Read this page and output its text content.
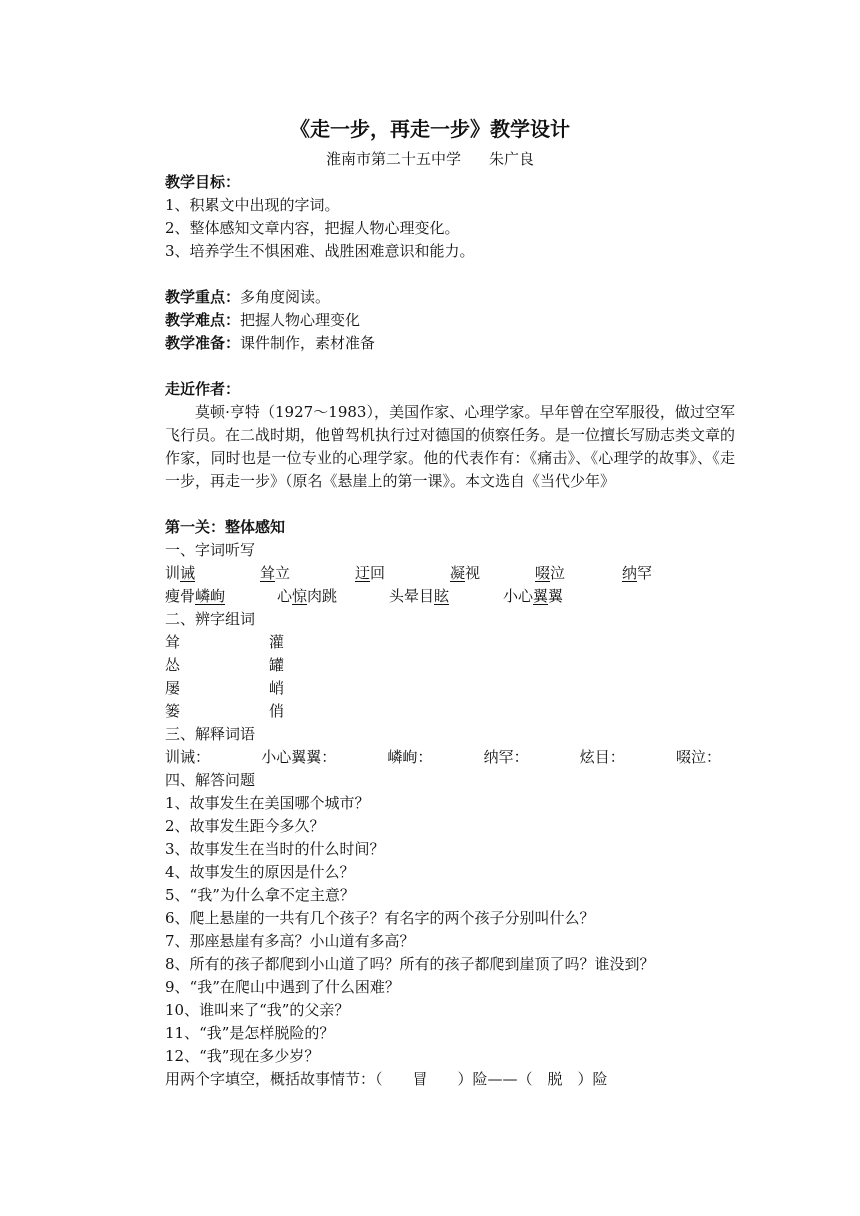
《走一步，再走一步》教学设计
淮南市第二十五中学 朱广良
教学目标：
1、积累文中出现的字词。
2、整体感知文章内容，把握人物心理变化。
3、培养学生不惧困难、战胜困难意识和能力。
教学重点：多角度阅读。
教学难点：把握人物心理变化
教学准备：课件制作，素材准备
走近作者：
莫顿·亨特（1927～1983），美国作家、心理学家。早年曾在空军服役，做过空军飞行员。在二战时期，他曾驾机执行过对德国的侦察任务。是一位擅长写励志类文章的作家，同时也是一位专业的心理学家。他的代表作有：《痛击》、《心理学的故事》、《走一步，再走一步》（原名《悬崖上的第一课》。本文选自《当代少年》
第一关：整体感知
一、字词听写
训诫	耸立	迂回	凝视	啜泣	纳罕
瘦骨嶙峋	心惊肉跳	头晕目眩	小心翼翼
二、辨字组词
耸	灌
怂	罐
屡	峭
篓	俏
三、解释词语
训诫：	小心翼翼：	嶙峋：	纳罕：	炫目：	啜泣：
四、解答问题
1、故事发生在美国哪个城市？
2、故事发生距今多久？
3、故事发生在当时的什么时间？
4、故事发生的原因是什么？
5、“我”为什么拿不定主意？
6、爬上悬崖的一共有几个孩子？有名字的两个孩子分别叫什么？
7、那座悬崖有多高？小山道有多高？
8、所有的孩子都爬到小山道了吗？所有的孩子都爬到崖顶了吗？谁没到？
9、“我”在爬山中遇到了什么困难？
10、谁叫来了“我”的父亲？
11、“我”是怎样脱险的？
12、“我”现在多少岁？
用两个字填空，概括故事情节：（　　冒　　）险——（　脱　）险
